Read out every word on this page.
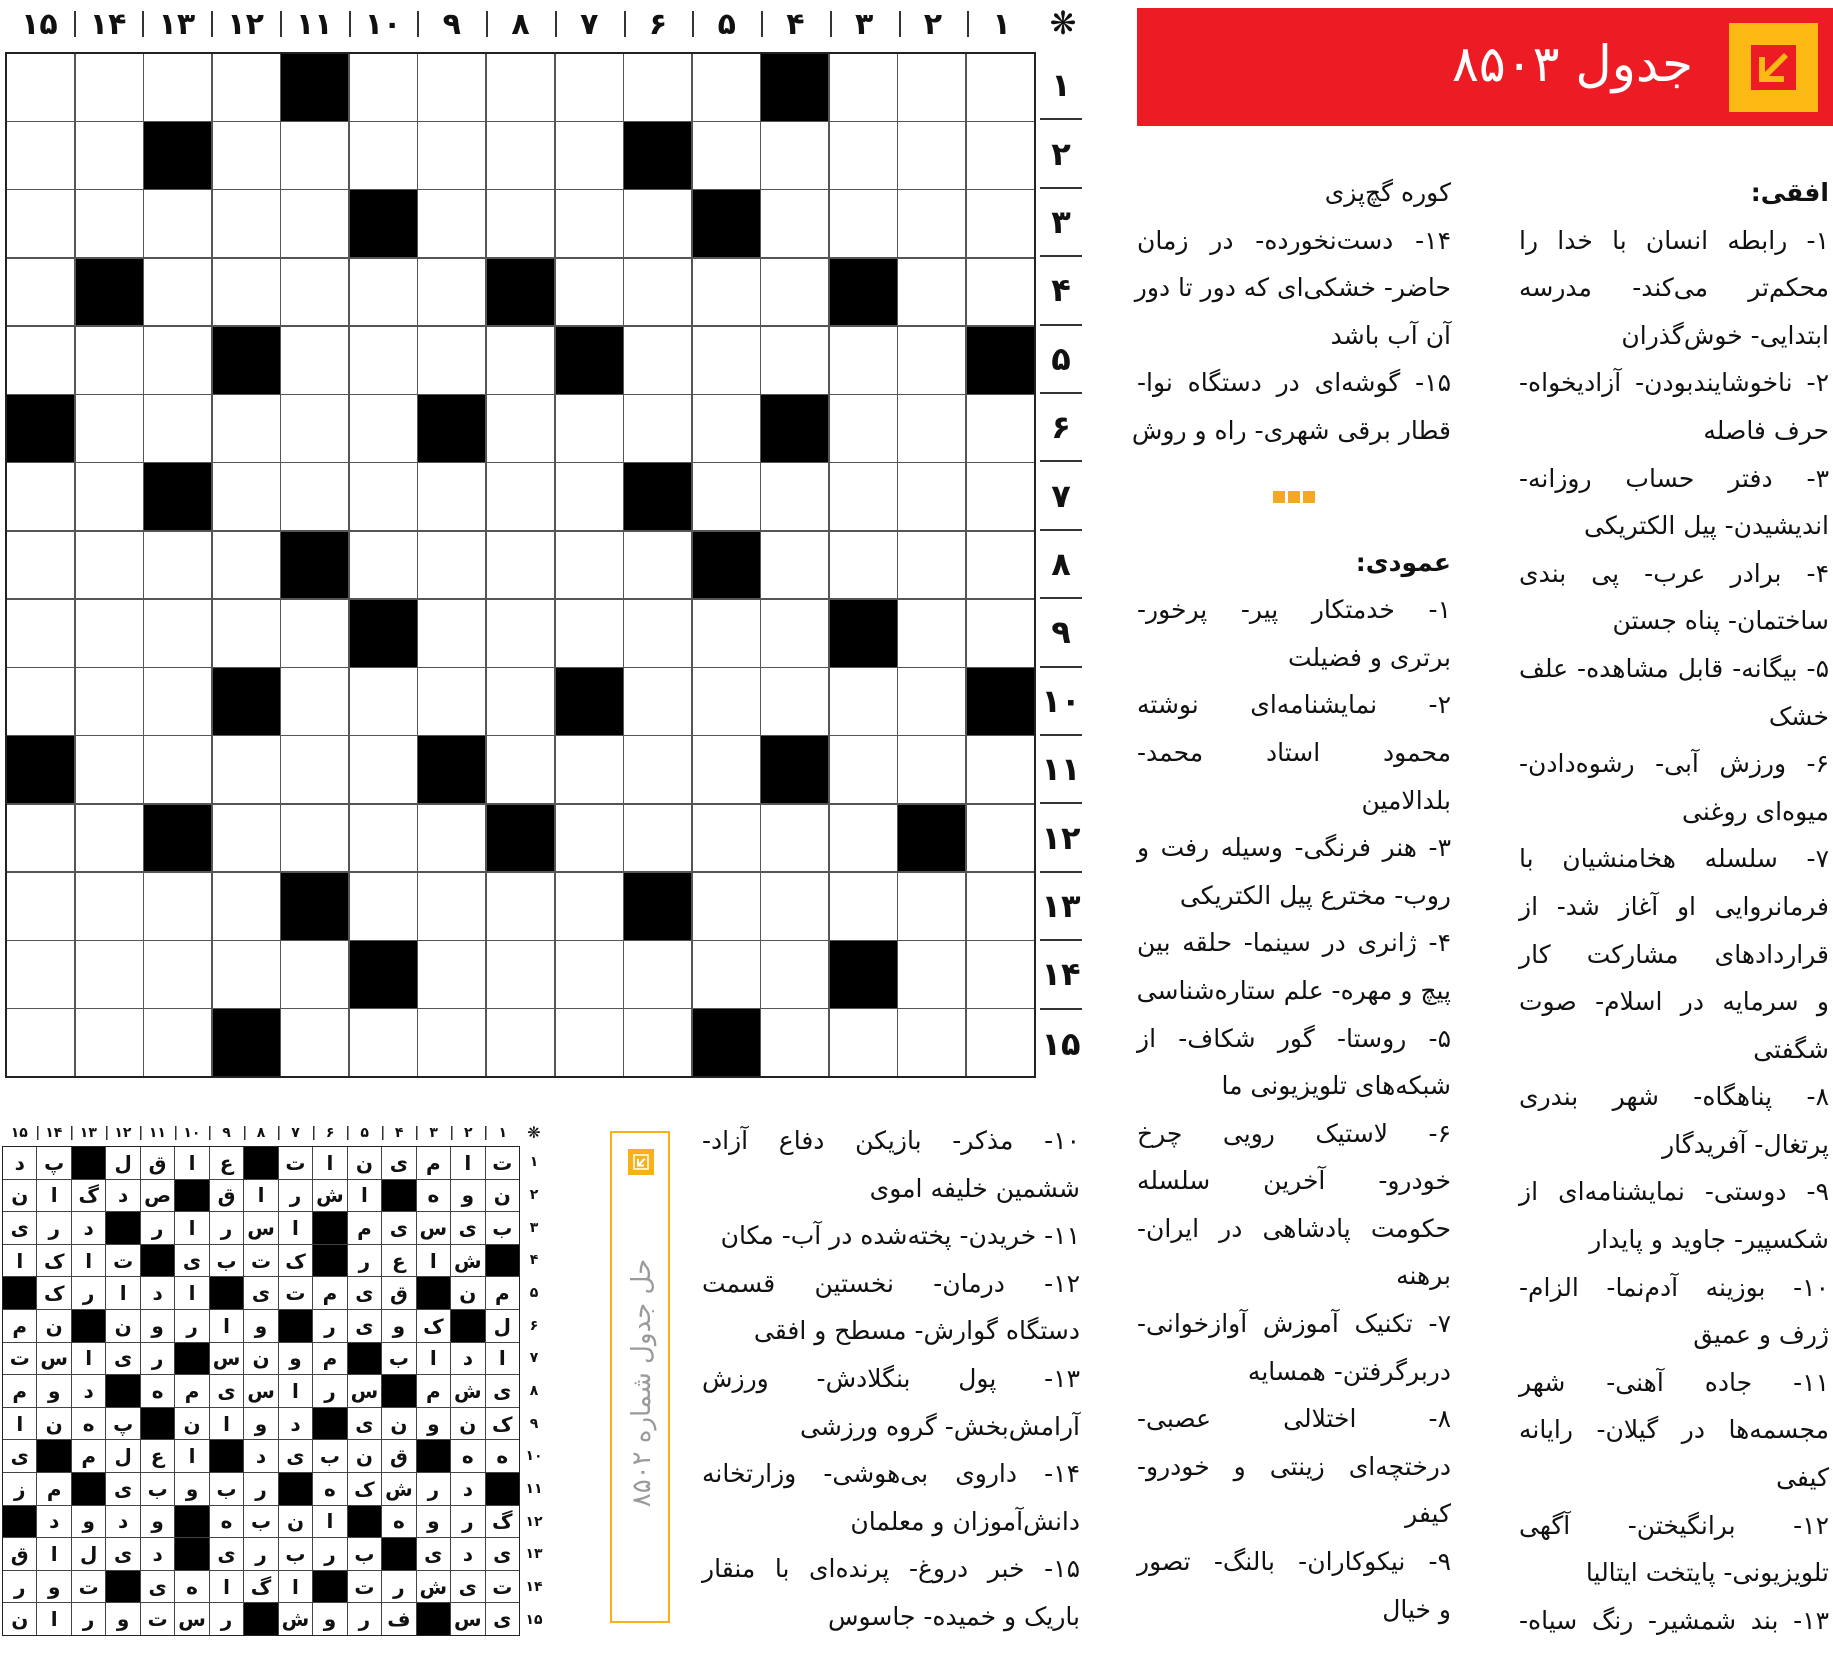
جدول ۸۵۰۳
۱
۲
۳
۴
۵
۶
۷
۸
۹
۱۰
۱۱
۱۲
۱۳
۱۴
۱۵	❋
۱
۲
۳
۴
۵
۶
۷
۸
۹
۱۰
۱۱
۱۲
۱۳
۱۴
۱۵
افقی:
۱- رابطه انسان با خدا را
محکم‌تر می‌کند- مدرسه
ابتدایی- خوش‌گذران
۲- ناخوشایندبودن- آزادیخواه-
حرف فاصله
۳- دفتر حساب روزانه-
اندیشیدن- پیل الکتریکی
۴- برادر عرب- پی بندی
ساختمان- پناه جستن
۵- بیگانه- قابل مشاهده- علف
خشک
۶- ورزش آبی- رشوه‌دادن-
میوه‌ای روغنی
۷- سلسله هخامنشیان با
فرمانروایی او آغاز شد- از
قراردادهای مشارکت کار
و سرمایه در اسلام- صوت
شگفتی
۸- پناهگاه- شهر بندری
پرتغال- آفریدگار
۹- دوستی- نمایشنامه‌ای از
شکسپیر- جاوید و پایدار
۱۰- بوزینه آدم‌نما- الزام-
ژرف و عمیق
۱۱- جاده آهنی- شهر
مجسمه‌ها در گیلان- رایانه
کیفی
۱۲- برانگیختن- آگهی
تلویزیونی- پایتخت ایتالیا
۱۳- بند شمشیر- رنگ سیاه-
کوره گچ‌پزی
۱۴- دست‌نخورده- در زمان
حاضر- خشکی‌ای که دور تا دور
آن آب باشد
۱۵- گوشه‌ای در دستگاه نوا-
قطار برقی شهری- راه و روش
عمودی:
۱- خدمتکار پیر- پرخور-
برتری و فضیلت
۲- نمایشنامه‌ای نوشته
محمود استاد محمد-
بلدالامین
۳- هنر فرنگی- وسیله رفت و
روب- مخترع پیل الکتریکی
۴- ژانری در سینما- حلقه بین
پیچ و مهره- علم ستاره‌شناسی
۵- روستا- گور شکاف- از
شبکه‌های تلویزیونی ما
۶- لاستیک رویی چرخ
خودرو- آخرین سلسله
حکومت پادشاهی در ایران-
برهنه
۷- تکنیک آموزش آوازخوانی-
دربرگرفتن- همسایه
۸- اختلالی عصبی-
درختچه‌ای زینتی و خودرو-
کیفر
۹- نیکوکاران- بالنگ- تصور
و خیال
۱۰- مذکر- بازیکن دفاع آزاد-
ششمین خلیفه اموی
۱۱- خریدن- پخته‌شده در آب- مکان
۱۲- درمان- نخستین قسمت
دستگاه گوارش- مسطح و افقی
۱۳- پول بنگلادش- ورزش
آرامش‌بخش- گروه ورزشی
۱۴- داروی بی‌هوشی- وزارتخانه
دانش‌آموزان و معلمان
۱۵- خبر دروغ- پرنده‌ای با منقار
باریک و خمیده- جاسوس
حل جدول شماره ۸۵۰۲
۱
۲
۳
۴
۵
۶
۷
۸
۹
۱۰
۱۱
۱۲
۱۳
۱۴
۱۵	❋
ت
ا
م
ی
ن
ا
ت
ع
ا
ق
ل
پ
د
ن
و
ه
ا
ش
ر
ا
ق
ص
د
گ
ا
ن
ب
ی
س
ی
م
ا
س
ر
ا
ر
د
ر
ی
ش
ا
ع
ر
ک
ت
ب
ی
ت
ا
ک
ا
م
ن
ق
ی
م
ت
ی
ا
د
ا
ر
ک
ل
ک
و
ی
ر
و
ا
ر
و
ن
ن
م
ا
د
ا
ب
م
و
ن
س
ر
ی
ا
س
ت
ی
ش
م
س
ر
ا
س
ی
م
ه
د
و
م
ک
ن
و
ن
ی
د
و
ا
ن
پ
ه
ن
ا
ه
ه
ق
ن
ب
ی
د
ا
ع
ل
م
ی
د
ر
ش
ک
ه
ر
ب
و
ب
ی
م
ز
گ
ر
و
ه
ا
ن
ب
ه
و
د
و
د
ی
د
ی
ب
ر
ب
ر
ی
د
ی
ل
ا
ق
ت
ی
ش
ر
ت
ا
گ
ا
ه
ی
ت
و
ر
ی
س
ف
ر
و
ش
ر
س
ت
و
ر
ا
ن
۱
۲
۳
۴
۵
۶
۷
۸
۹
۱۰
۱۱
۱۲
۱۳
۱۴
۱۵
